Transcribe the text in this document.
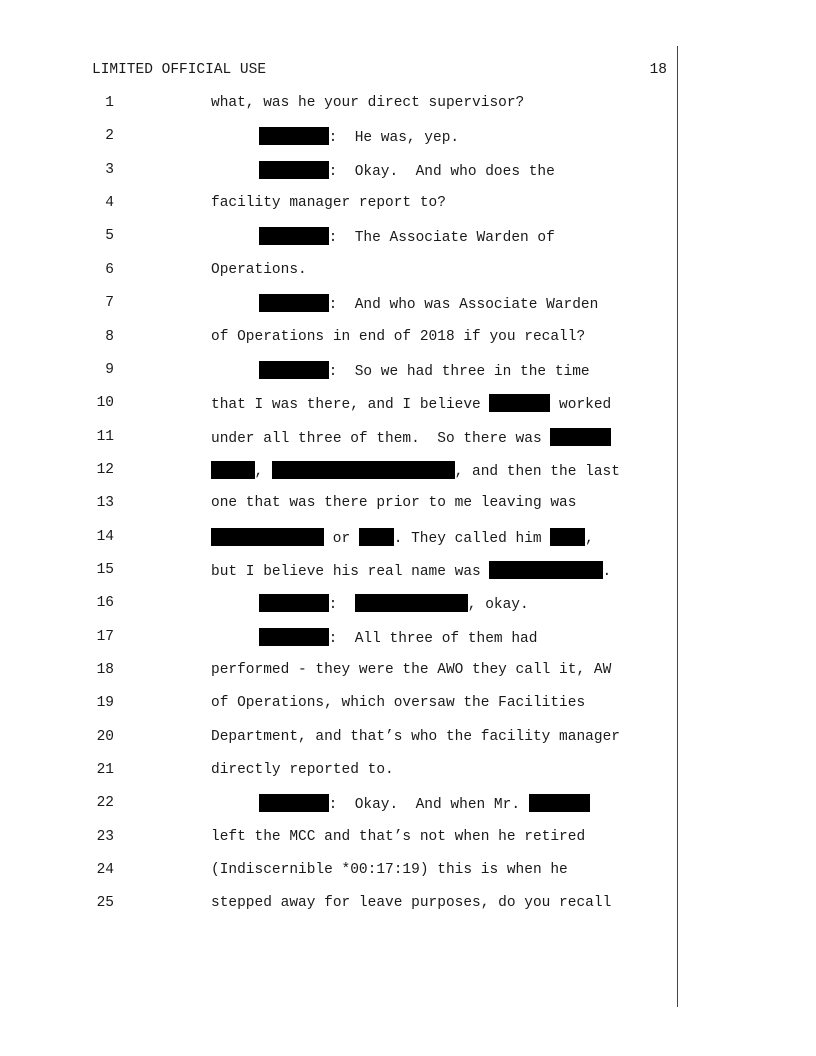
LIMITED OFFICIAL USE	18
1	what, was he your direct supervisor?
2	:  He was, yep.
3	:  Okay.  And who does the
4	facility manager report to?
5	:  The Associate Warden of
6	Operations.
7	:  And who was Associate Warden
8	of Operations in end of 2018 if you recall?
9	:  So we had three in the time
10	that I was there, and I believe	worked
11	under all three of them.  So there was
12	,	, and then the last
13	one that was there prior to me leaving was
14	or . They called him ,
15	but I believe his real name was	.
16	:	, okay.
17	:  All three of them had
18	performed - they were the AWO they call it, AW
19	of Operations, which oversaw the Facilities
20	Department, and that’s who the facility manager
21	directly reported to.
22	:  Okay.  And when Mr.
23	left the MCC and that’s not when he retired
24	(Indiscernible *00:17:19) this is when he
25	stepped away for leave purposes, do you recall
